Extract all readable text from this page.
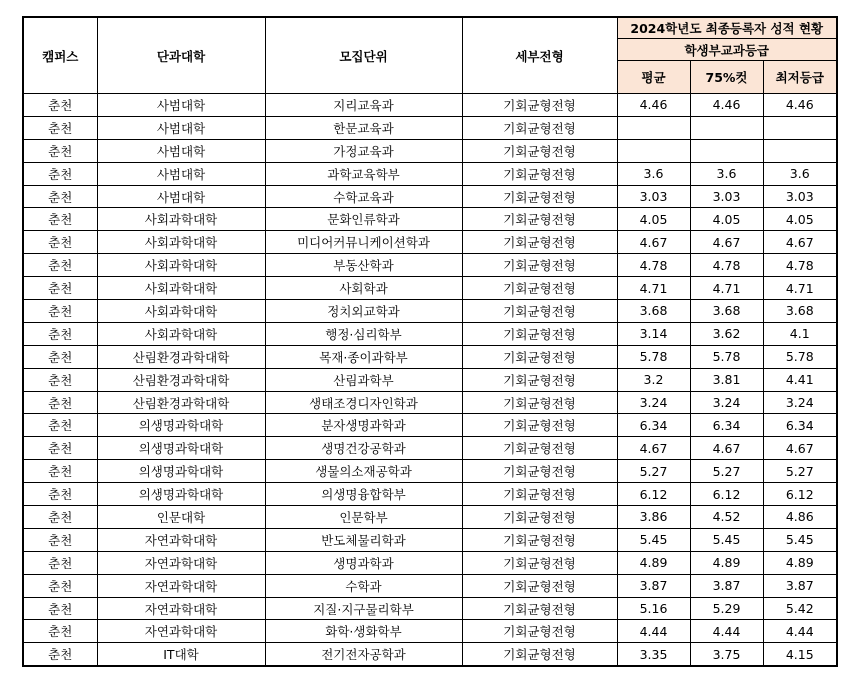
캠퍼스	단과대학	모집단위	세부전형	2024학년도 최종등록자 성적 현황		
				학생부교과등급		
				평균	75%컷	최저등급
춘천	사범대학	지리교육과	기회균형전형	4.46	4.46	4.46
춘천	사범대학	한문교육과	기회균형전형			
춘천	사범대학	가정교육과	기회균형전형			
춘천	사범대학	과학교육학부	기회균형전형	3.6	3.6	3.6
춘천	사범대학	수학교육과	기회균형전형	3.03	3.03	3.03
춘천	사회과학대학	문화인류학과	기회균형전형	4.05	4.05	4.05
춘천	사회과학대학	미디어커뮤니케이션학과	기회균형전형	4.67	4.67	4.67
춘천	사회과학대학	부동산학과	기회균형전형	4.78	4.78	4.78
춘천	사회과학대학	사회학과	기회균형전형	4.71	4.71	4.71
춘천	사회과학대학	정치외교학과	기회균형전형	3.68	3.68	3.68
춘천	사회과학대학	행정·심리학부	기회균형전형	3.14	3.62	4.1
춘천	산림환경과학대학	목재·종이과학부	기회균형전형	5.78	5.78	5.78
춘천	산림환경과학대학	산림과학부	기회균형전형	3.2	3.81	4.41
춘천	산림환경과학대학	생태조경디자인학과	기회균형전형	3.24	3.24	3.24
춘천	의생명과학대학	분자생명과학과	기회균형전형	6.34	6.34	6.34
춘천	의생명과학대학	생명건강공학과	기회균형전형	4.67	4.67	4.67
춘천	의생명과학대학	생물의소재공학과	기회균형전형	5.27	5.27	5.27
춘천	의생명과학대학	의생명융합학부	기회균형전형	6.12	6.12	6.12
춘천	인문대학	인문학부	기회균형전형	3.86	4.52	4.86
춘천	자연과학대학	반도체물리학과	기회균형전형	5.45	5.45	5.45
춘천	자연과학대학	생명과학과	기회균형전형	4.89	4.89	4.89
춘천	자연과학대학	수학과	기회균형전형	3.87	3.87	3.87
춘천	자연과학대학	지질·지구물리학부	기회균형전형	5.16	5.29	5.42
춘천	자연과학대학	화학·생화학부	기회균형전형	4.44	4.44	4.44
춘천	IT대학	전기전자공학과	기회균형전형	3.35	3.75	4.15
